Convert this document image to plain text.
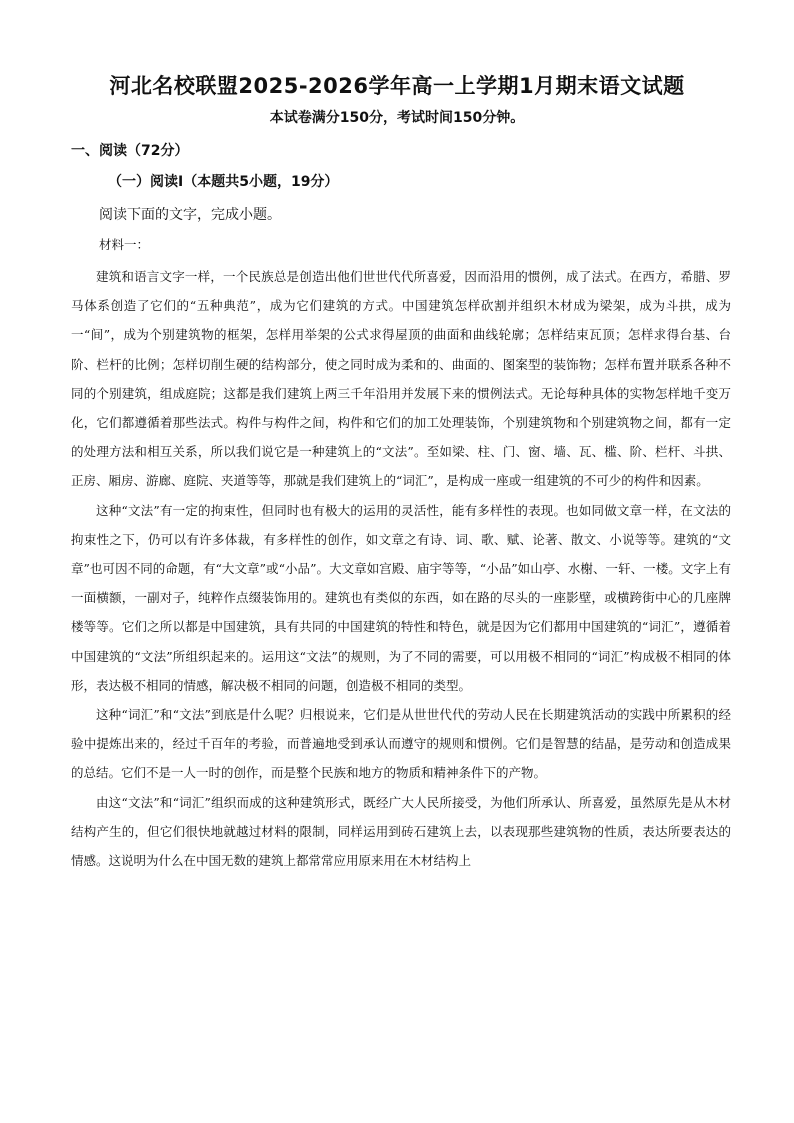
河北名校联盟2025-2026学年高一上学期1月期末语文试题
本试卷满分150分，考试时间150分钟。
一、阅读（72分）
（一）阅读Ⅰ（本题共5小题，19分）
阅读下面的文字，完成小题。
材料一：

建筑和语言文字一样，一个民族总是创造出他们世世代代所喜爱，因而沿用的惯例，成了法式。在西方，希腊、罗马体系创造了它们的“五种典范”，成为它们建筑的方式。中国建筑怎样砍割并组织木材成为梁架，成为斗拱，成为一“间”，成为个别建筑物的框架，怎样用举架的公式求得屋顶的曲面和曲线轮廓；怎样结束瓦顶；怎样求得台基、台阶、栏杆的比例；怎样切削生硬的结构部分，使之同时成为柔和的、曲面的、图案型的装饰物；怎样布置并联系各种不同的个别建筑，组成庭院；这都是我们建筑上两三千年沿用并发展下来的惯例法式。无论每种具体的实物怎样地千变万化，它们都遵循着那些法式。构件与构件之间，构件和它们的加工处理装饰，个别建筑物和个别建筑物之间，都有一定的处理方法和相互关系，所以我们说它是一种建筑上的“文法”。至如梁、柱、门、窗、墙、瓦、槛、阶、栏杆、斗拱、正房、厢房、游廊、庭院、夹道等等，那就是我们建筑上的“词汇”，是构成一座或一组建筑的不可少的构件和因素。

这种“文法”有一定的拘束性，但同时也有极大的运用的灵活性，能有多样性的表现。也如同做文章一样，在文法的拘束性之下，仍可以有许多体裁，有多样性的创作，如文章之有诗、词、歌、赋、论著、散文、小说等等。建筑的“文章”也可因不同的命题，有“大文章”或“小品”。大文章如宫殿、庙宇等等，“小品”如山亭、水榭、一轩、一楼。文字上有一面横额，一副对子，纯粹作点缀装饰用的。建筑也有类似的东西，如在路的尽头的一座影壁，或横跨街中心的几座牌楼等等。它们之所以都是中国建筑，具有共同的中国建筑的特性和特色，就是因为它们都用中国建筑的“词汇”，遵循着中国建筑的“文法”所组织起来的。运用这“文法”的规则，为了不同的需要，可以用极不相同的“词汇”构成极不相同的体形，表达极不相同的情感，解决极不相同的问题，创造极不相同的类型。

这种“词汇”和“文法”到底是什么呢？归根说来，它们是从世世代代的劳动人民在长期建筑活动的实践中所累积的经验中提炼出来的，经过千百年的考验，而普遍地受到承认而遵守的规则和惯例。它们是智慧的结晶，是劳动和创造成果的总结。它们不是一人一时的创作，而是整个民族和地方的物质和精神条件下的产物。

由这“文法”和“词汇”组织而成的这种建筑形式，既经广大人民所接受，为他们所承认、所喜爱，虽然原先是从木材结构产生的，但它们很快地就越过材料的限制，同样运用到砖石建筑上去，以表现那些建筑物的性质，表达所要表达的情感。这说明为什么在中国无数的建筑上都常常应用原来用在木材结构上
